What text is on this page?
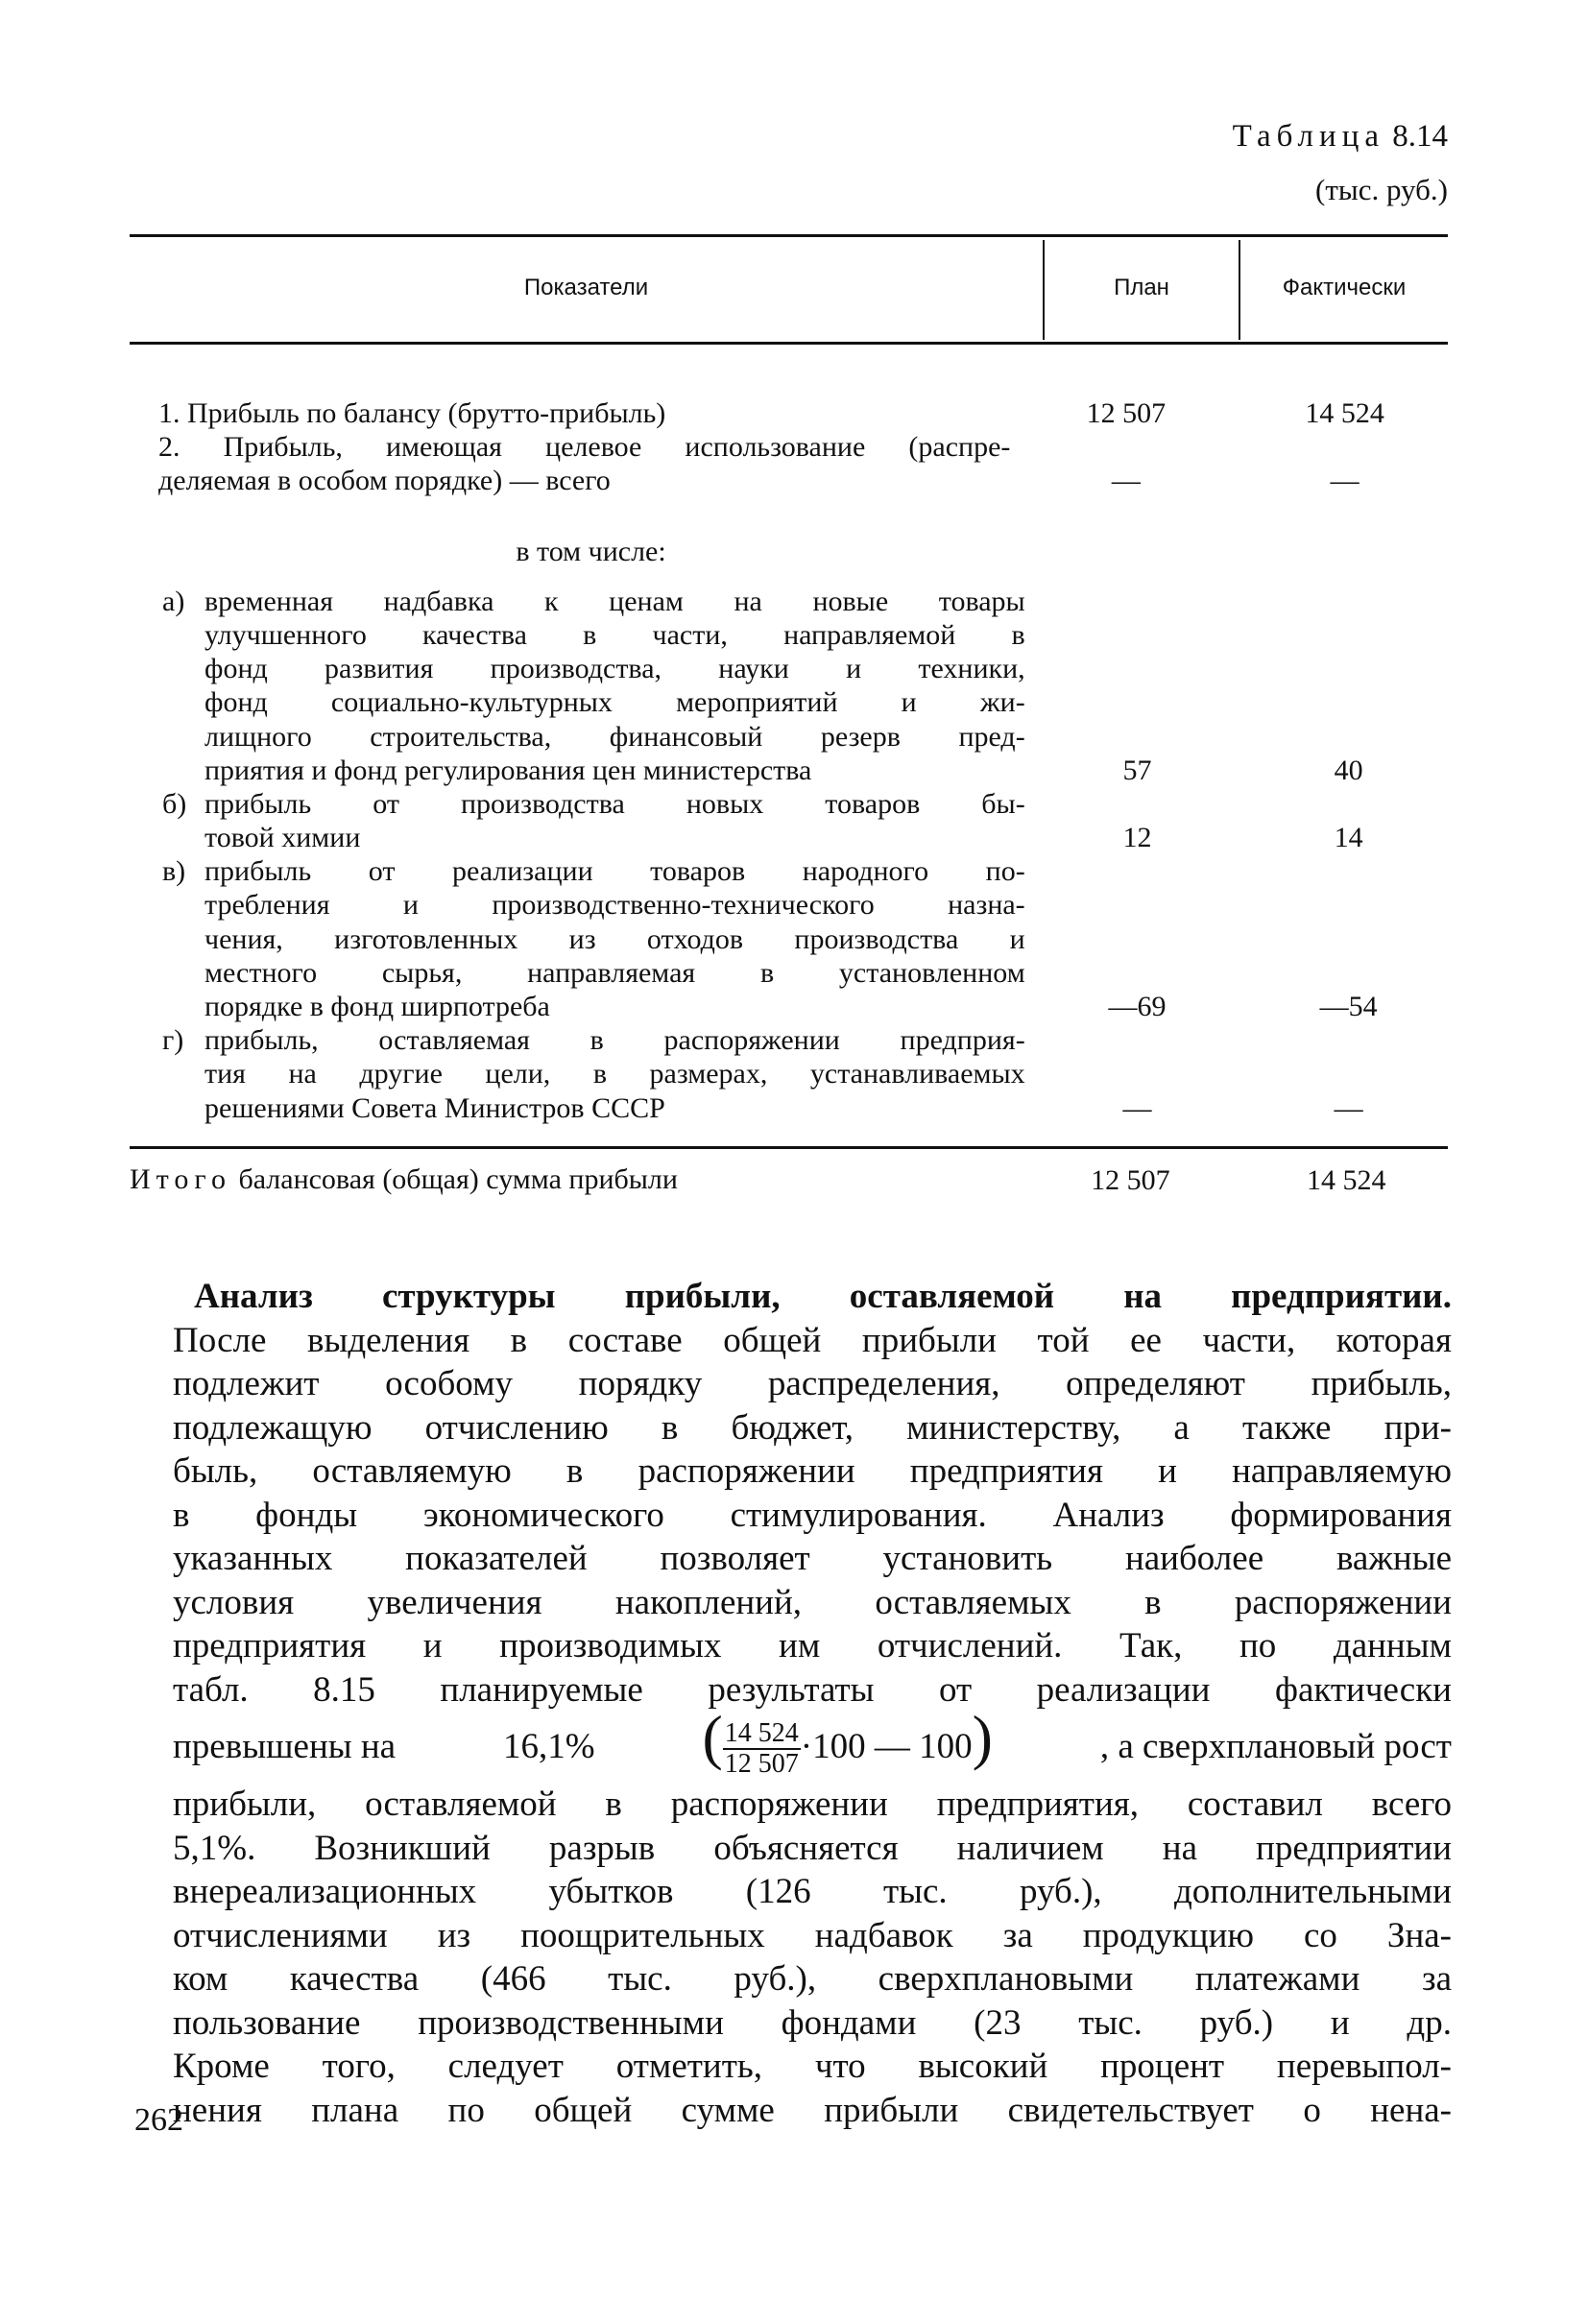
Таблица 8.14
(тыс. руб.)
Показатели	План	Фактически
1. Прибыль по балансу (брутто-прибыль)	12 507	14 524
2. Прибыль, имеющая целевое использование (распре-
деляемая в особом порядке) — всего	—	—
в том числе:
а) временная надбавка к ценам на новые товары
улучшенного качества в части, направляемой в
фонд развития производства, науки и техники,
фонд социально-культурных мероприятий и жи-
лищного строительства, финансовый резерв пред-
приятия и фонд регулирования цен министерства	57	40
б) прибыль от производства новых товаров бы-
товой химии	12	14
в) прибыль от реализации товаров народного по-
требления и производственно-технического назна-
чения, изготовленных из отходов производства и
местного сырья, направляемая в установленном
порядке в фонд ширпотреба	—69	—54
г) прибыль, оставляемая в распоряжении предприя-
тия на другие цели, в размерах, устанавливаемых
решениями Совета Министров СССР	—	—
Итого балансовая (общая) сумма прибыли	12 507	14 524
Анализ структуры прибыли, оставляемой на предприятии.
После выделения в составе общей прибыли той ее части, которая
подлежит особому порядку распределения, определяют прибыль,
подлежащую отчислению в бюджет, министерству, а также при-
быль, оставляемую в распоряжении предприятия и направляемую
в фонды экономического стимулирования. Анализ формирования
указанных показателей позволяет установить наиболее важные
условия увеличения накоплений, оставляемых в распоряжении
предприятия и производимых им отчислений. Так, по данным
табл. 8.15 планируемые результаты от реализации фактически
превышены на	16,1% ( $\frac{14 524}{12 507} \cdot 100$ — 100)	, а сверхплановый рост
прибыли, оставляемой в распоряжении предприятия, составил всего
5,1%. Возникший разрыв объясняется наличием на предприятии
внереализационных убытков (126 тыс. руб.), дополнительными
отчислениями из поощрительных надбавок за продукцию со Зна-
ком качества (466 тыс. руб.), сверхплановыми платежами за
пользование производственными фондами (23 тыс. руб.) и др.
Кроме того, следует отметить, что высокий процент перевыпол-
нения плана по общей сумме прибыли свидетельствует о нена-
262
